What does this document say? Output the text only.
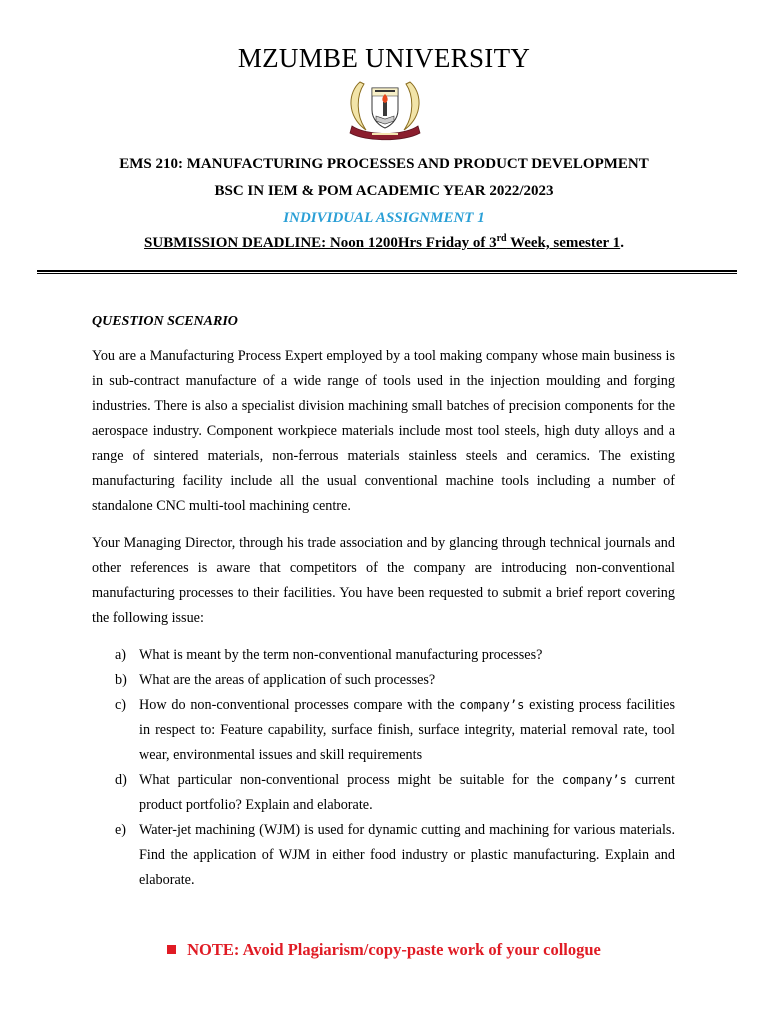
MZUMBE UNIVERSITY
EMS 210: MANUFACTURING PROCESSES AND PRODUCT DEVELOPMENT
BSC IN IEM & POM ACADEMIC YEAR 2022/2023
INDIVIDUAL ASSIGNMENT 1
SUBMISSION DEADLINE: Noon 1200Hrs Friday of 3rd Week, semester 1.
QUESTION SCENARIO
You are a Manufacturing Process Expert employed by a tool making company whose main business is in sub-contract manufacture of a wide range of tools used in the injection moulding and forging industries. There is also a specialist division machining small batches of precision components for the aerospace industry. Component workpiece materials include most tool steels, high duty alloys and a range of sintered materials, non-ferrous materials stainless steels and ceramics. The existing manufacturing facility include all the usual conventional machine tools including a number of standalone CNC multi-tool machining centre.
Your Managing Director, through his trade association and by glancing through technical journals and other references is aware that competitors of the company are introducing non-conventional manufacturing processes to their facilities. You have been requested to submit a brief report covering the following issue:
a) What is meant by the term non-conventional manufacturing processes?
b) What are the areas of application of such processes?
c) How do non-conventional processes compare with the company’s existing process facilities in respect to: Feature capability, surface finish, surface integrity, material removal rate, tool wear, environmental issues and skill requirements
d) What particular non-conventional process might be suitable for the company’s current product portfolio? Explain and elaborate.
e) Water-jet machining (WJM) is used for dynamic cutting and machining for various materials. Find the application of WJM in either food industry or plastic manufacturing. Explain and elaborate.
NOTE: Avoid Plagiarism/copy-paste work of your collogue
